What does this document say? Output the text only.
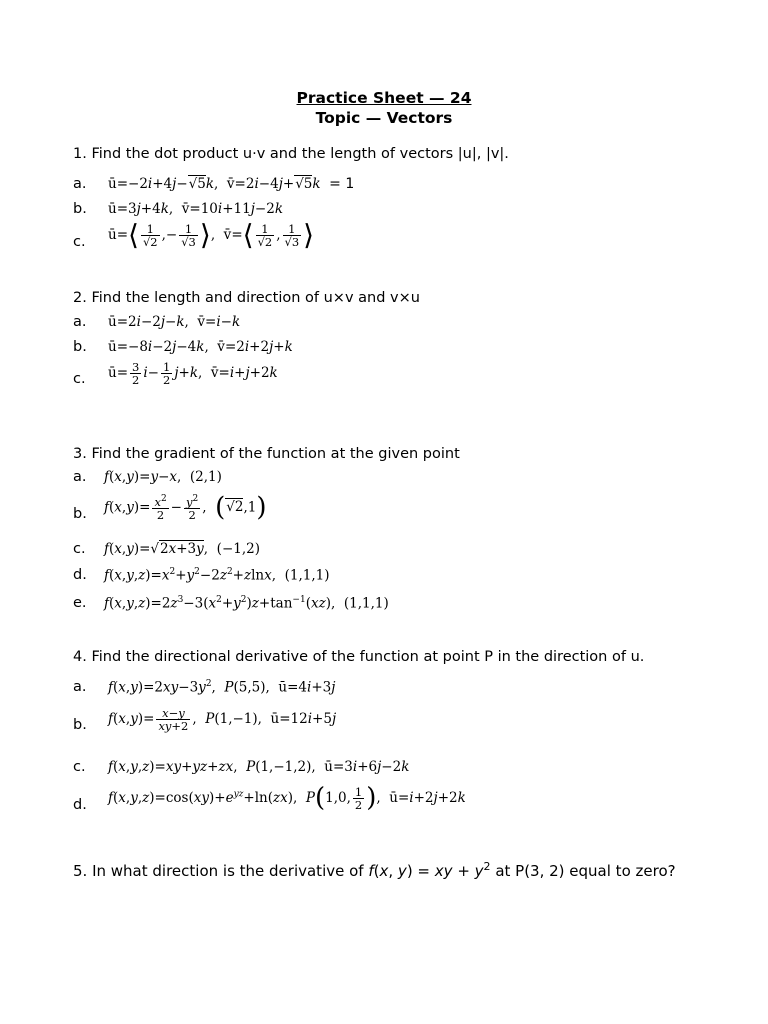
Practice Sheet — 24
Topic — Vectors
1. Find the dot product u·v and the length of vectors |u|, |v|.
a. ū=−2i+4j−√5k,  v̄=2i−4j+√5k = 1
b. ū=3j+4k,  v̄=10i+11j−2k
c. ū=⟨ $\frac{1}{√2}$ ,− $\frac{1}{√3}$ ⟩,  v̄=⟨ $\frac{1}{√2}$ , $\frac{1}{√3}$ ⟩
2. Find the length and direction of u×v and v×u
a. ū=2i−2j−k,  v̄=i−k
b. ū=−8i−2j−4k,  v̄=2i+2j+k
c. ū= $\frac{3}{2} i- \frac{1}{2} j+k$,  v̄=i+j+2k
3. Find the gradient of the function at the given point
a. f(x,y)=y−x,  (2,1)
b. $f(x,y)= \frac{x^2}{2} - \frac{y^2}{2}$ ,  (√2,1)
c. f(x,y)=√2x+3y,  (−1,2)
d. $f(x,y,z)=x^2+y^2-2z^2+zlnx$,  (1,1,1)
e. $f(x,y,z)=2z^3-3(x^2+y^2)z+\tan^{-1}(xz)$,  (1,1,1)
4. Find the directional derivative of the function at point P in the direction of u.
a. $f(x,y)=2xy-3y^2$,  P(5,5),  ū=4i+3j
b. $f(x,y)= \frac{x-y}{xy+2}$ ,  P(1,−1),  ū=12i+5j
c. f(x,y,z)=xy+yz+zx,  P(1,−1,2),  ū=3i+6j−2k
d. $f(x,y,z)=\cos(xy)+e^{yz}+\ln(zx)$,  P(1,0, $\frac{1}{2}$ ),  ū=i+2j+2k
5. In what direction is the derivative of f(x, y) = xy + $y^2$ at P(3, 2) equal to zero?
